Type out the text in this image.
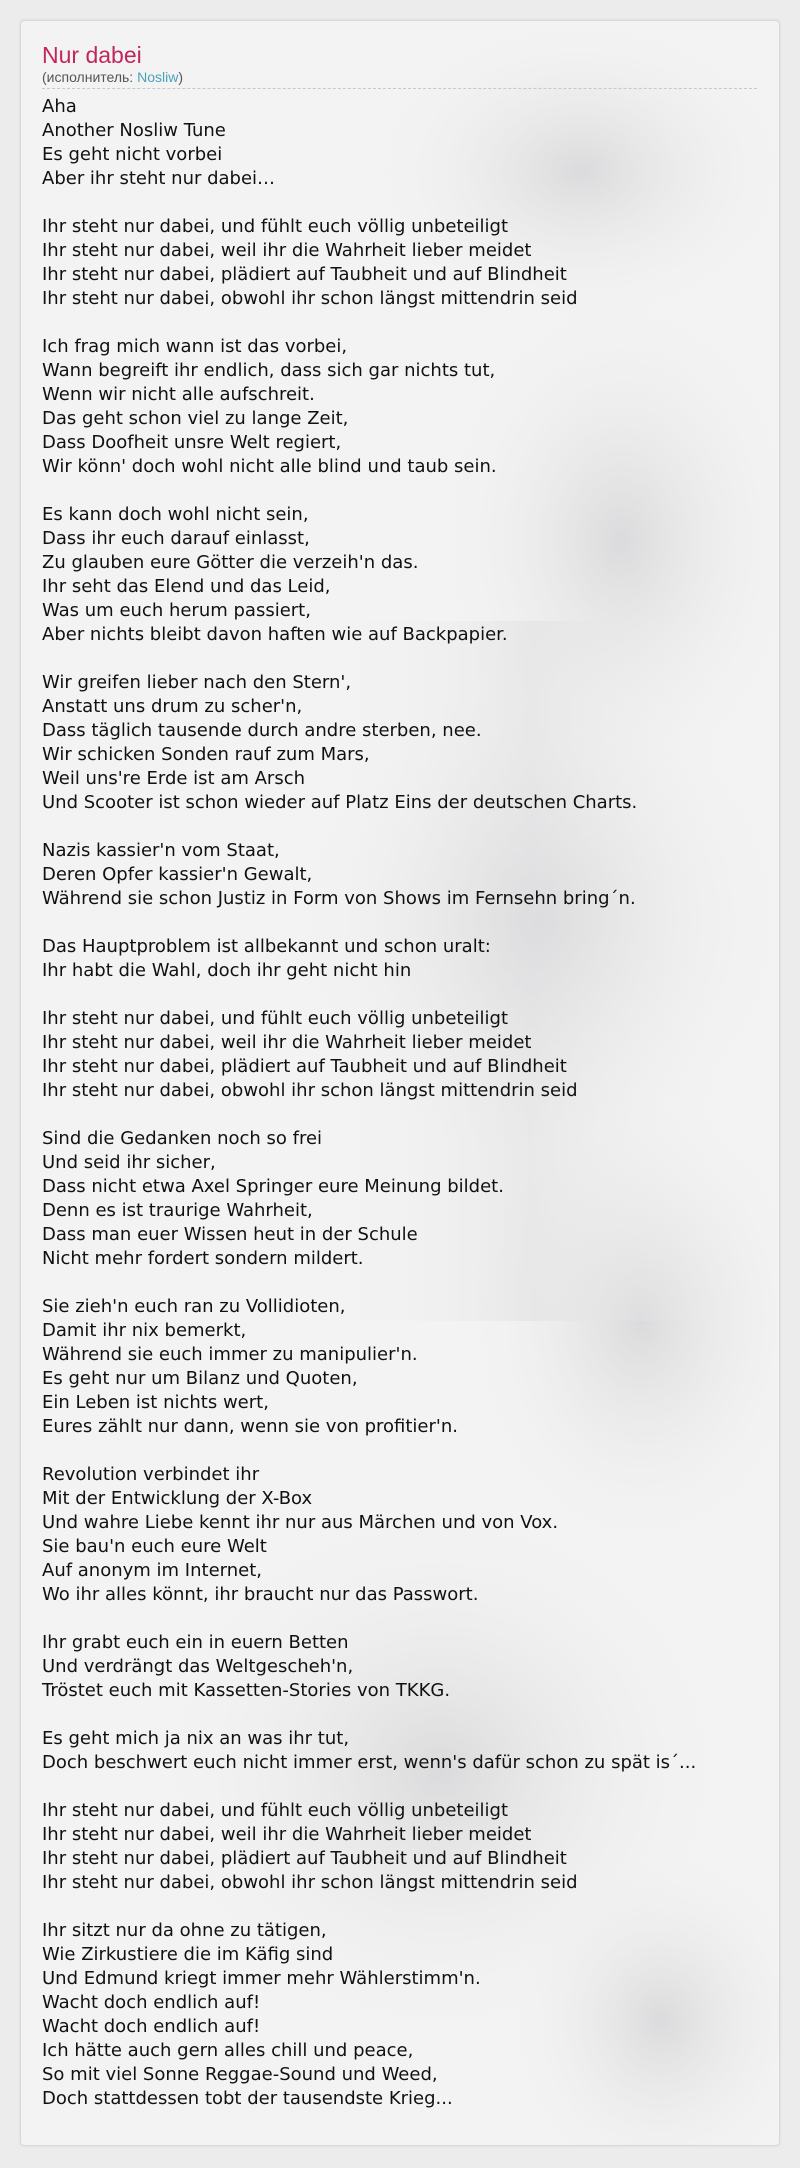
Nur dabei
(исполнитель: Nosliw)
Aha
Another Nosliw Tune
Es geht nicht vorbei
Aber ihr steht nur dabei…
Ihr steht nur dabei, und fühlt euch völlig unbeteiligt
Ihr steht nur dabei, weil ihr die Wahrheit lieber meidet
Ihr steht nur dabei, plädiert auf Taubheit und auf Blindheit
Ihr steht nur dabei, obwohl ihr schon längst mittendrin seid
Ich frag mich wann ist das vorbei,
Wann begreift ihr endlich, dass sich gar nichts tut,
Wenn wir nicht alle aufschreit.
Das geht schon viel zu lange Zeit,
Dass Doofheit unsre Welt regiert,
Wir könn' doch wohl nicht alle blind und taub sein.
Es kann doch wohl nicht sein,
Dass ihr euch darauf einlasst,
Zu glauben eure Götter die verzeih'n das.
Ihr seht das Elend und das Leid,
Was um euch herum passiert,
Aber nichts bleibt davon haften wie auf Backpapier.
Wir greifen lieber nach den Stern',
Anstatt uns drum zu scher'n,
Dass täglich tausende durch andre sterben, nee.
Wir schicken Sonden rauf zum Mars,
Weil uns're Erde ist am Arsch
Und Scooter ist schon wieder auf Platz Eins der deutschen Charts.
Nazis kassier'n vom Staat,
Deren Opfer kassier'n Gewalt,
Während sie schon Justiz in Form von Shows im Fernsehn bring´n.
Das Hauptproblem ist allbekannt und schon uralt:
Ihr habt die Wahl, doch ihr geht nicht hin
Ihr steht nur dabei, und fühlt euch völlig unbeteiligt
Ihr steht nur dabei, weil ihr die Wahrheit lieber meidet
Ihr steht nur dabei, plädiert auf Taubheit und auf Blindheit
Ihr steht nur dabei, obwohl ihr schon längst mittendrin seid
Sind die Gedanken noch so frei
Und seid ihr sicher,
Dass nicht etwa Axel Springer eure Meinung bildet.
Denn es ist traurige Wahrheit,
Dass man euer Wissen heut in der Schule
Nicht mehr fordert sondern mildert.
Sie zieh'n euch ran zu Vollidioten,
Damit ihr nix bemerkt,
Während sie euch immer zu manipulier'n.
Es geht nur um Bilanz und Quoten,
Ein Leben ist nichts wert,
Eures zählt nur dann, wenn sie von profitier'n.
Revolution verbindet ihr
Mit der Entwicklung der X-Box
Und wahre Liebe kennt ihr nur aus Märchen und von Vox.
Sie bau'n euch eure Welt
Auf anonym im Internet,
Wo ihr alles könnt, ihr braucht nur das Passwort.
Ihr grabt euch ein in euern Betten
Und verdrängt das Weltgescheh'n,
Tröstet euch mit Kassetten-Stories von TKKG.
Es geht mich ja nix an was ihr tut,
Doch beschwert euch nicht immer erst, wenn's dafür schon zu spät is´...
Ihr steht nur dabei, und fühlt euch völlig unbeteiligt
Ihr steht nur dabei, weil ihr die Wahrheit lieber meidet
Ihr steht nur dabei, plädiert auf Taubheit und auf Blindheit
Ihr steht nur dabei, obwohl ihr schon längst mittendrin seid
Ihr sitzt nur da ohne zu tätigen,
Wie Zirkustiere die im Käfig sind
Und Edmund kriegt immer mehr Wählerstimm'n.
Wacht doch endlich auf!
Wacht doch endlich auf!
Ich hätte auch gern alles chill und peace,
So mit viel Sonne Reggae-Sound und Weed,
Doch stattdessen tobt der tausendste Krieg...
